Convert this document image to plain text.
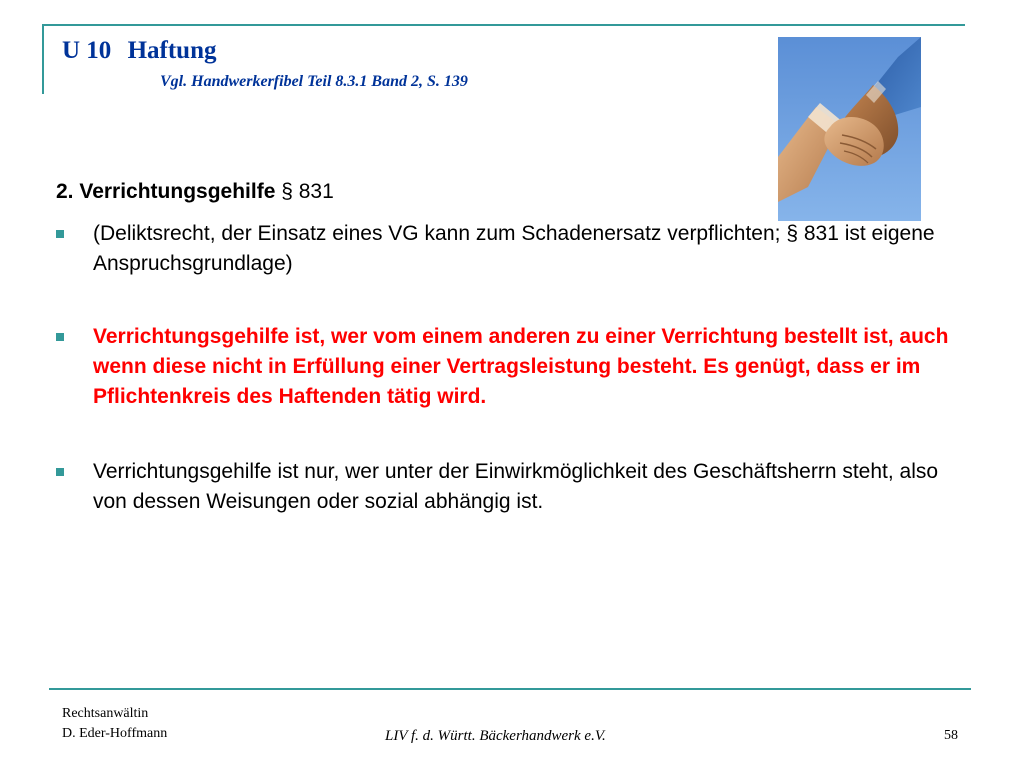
U 10 Haftung
Vgl. Handwerkerfibel Teil 8.3.1 Band 2, S. 139
2. Verrichtungsgehilfe § 831
(Deliktsrecht, der Einsatz eines VG kann zum Schadenersatz verpflichten; § 831 ist eigene Anspruchsgrundlage)
Verrichtungsgehilfe ist, wer vom einem anderen zu einer Verrichtung bestellt ist, auch wenn diese nicht in Erfüllung einer Vertragsleistung besteht. Es genügt, dass er im Pflichtenkreis des Haftenden tätig wird.
Verrichtungsgehilfe ist nur, wer unter der Einwirkmöglichkeit des Geschäftsherrn steht, also von dessen Weisungen oder sozial abhängig ist.
Rechtsanwältin
D. Eder-Hoffmann	LIV f. d. Württ. Bäckerhandwerk e.V.	58
